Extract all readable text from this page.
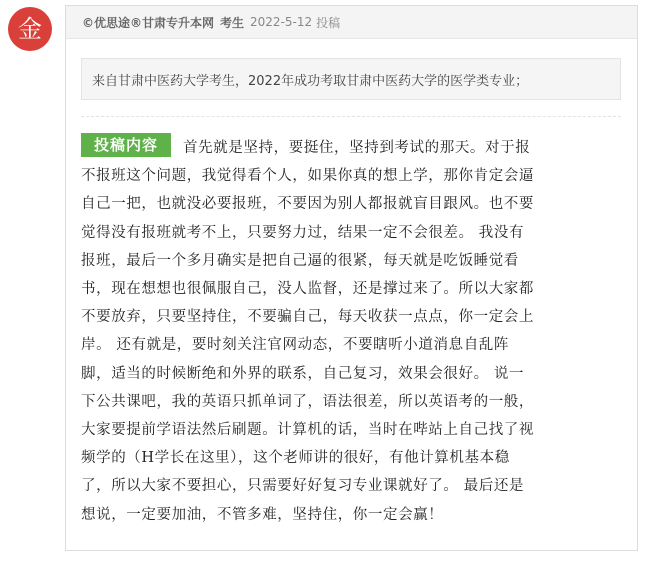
金	©优思途®甘肃专升本网 考生 2022-5-12 投稿
来自甘肃中医药大学考生，2022年成功考取甘肃中医药大学的医学类专业；
投稿内容 首先就是坚持，要挺住，坚持到考试的那天。对于报
不报班这个问题，我觉得看个人，如果你真的想上学，那你肯定会逼
自己一把，也就没必要报班，不要因为别人都报就盲目跟风。也不要
觉得没有报班就考不上，只要努力过，结果一定不会很差。 我没有
报班，最后一个多月确实是把自己逼的很紧，每天就是吃饭睡觉看
书，现在想想也很佩服自己，没人监督，还是撑过来了。所以大家都
不要放弃，只要坚持住，不要骗自己，每天收获一点点，你一定会上
岸。 还有就是，要时刻关注官网动态，不要瞎听小道消息自乱阵
脚，适当的时候断绝和外界的联系，自己复习，效果会很好。 说一
下公共课吧，我的英语只抓单词了，语法很差，所以英语考的一般，
大家要提前学语法然后刷题。计算机的话，当时在哔站上自己找了视
频学的（H学长在这里），这个老师讲的很好，有他计算机基本稳
了，所以大家不要担心，只需要好好复习专业课就好了。 最后还是
想说，一定要加油，不管多难，坚持住，你一定会赢！
